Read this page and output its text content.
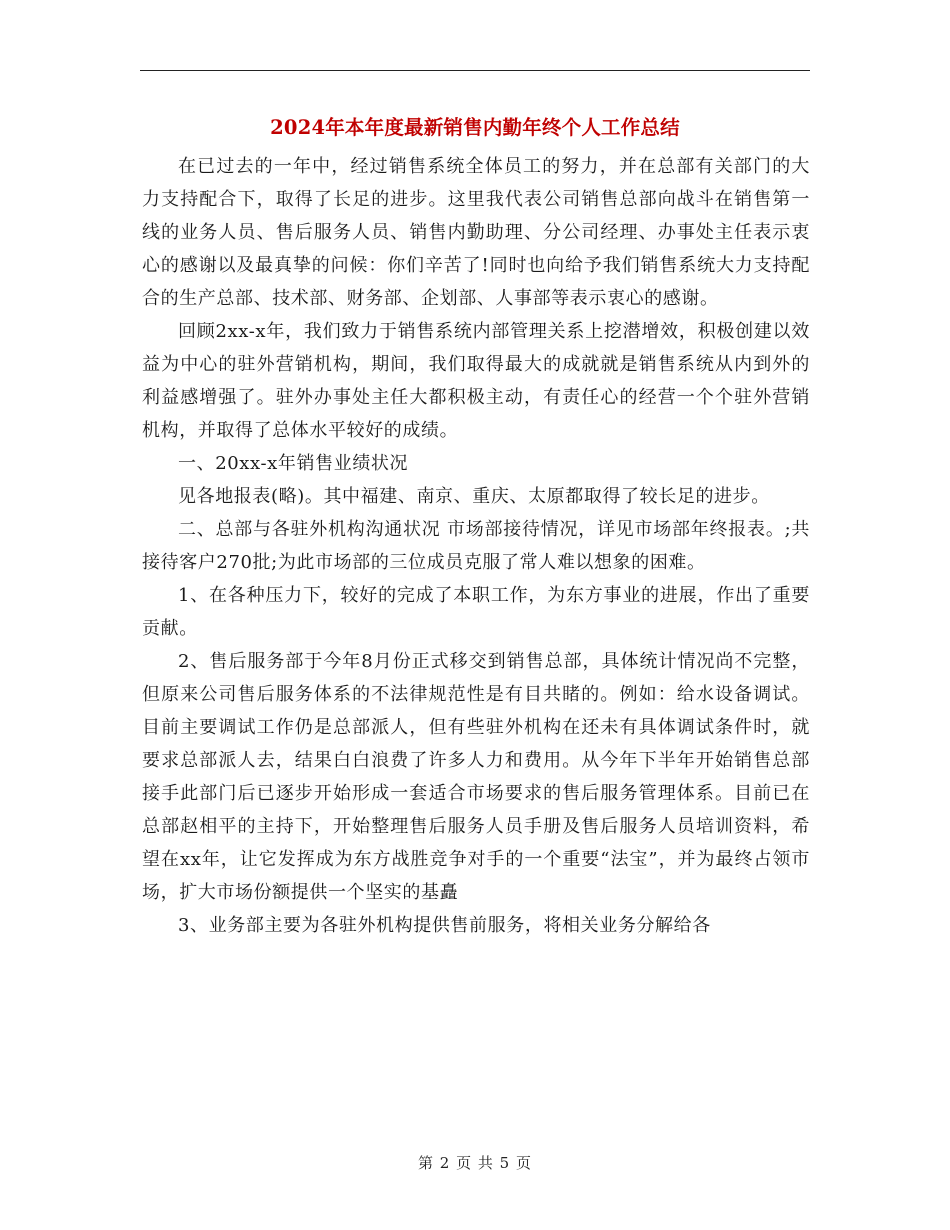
2024年本年度最新销售内勤年终个人工作总结

在已过去的一年中，经过销售系统全体员工的努力，并在总部有关部门的大力支持配合下，取得了长足的进步。这里我代表公司销售总部向战斗在销售第一线的业务人员、售后服务人员、销售内勤助理、分公司经理、办事处主任表示衷心的感谢以及最真挚的问候：你们辛苦了!同时也向给予我们销售系统大力支持配合的生产总部、技术部、财务部、企划部、人事部等表示衷心的感谢。

回顾2xx-x年，我们致力于销售系统内部管理关系上挖潜增效，积极创建以效益为中心的驻外营销机构，期间，我们取得最大的成就就是销售系统从内到外的利益感增强了。驻外办事处主任大都积极主动，有责任心的经营一个个驻外营销机构，并取得了总体水平较好的成绩。

一、20xx-x年销售业绩状况

见各地报表(略)。其中福建、南京、重庆、太原都取得了较长足的进步。

二、总部与各驻外机构沟通状况 市场部接待情况，详见市场部年终报表。;共接待客户270批;为此市场部的三位成员克服了常人难以想象的困难。

1、在各种压力下，较好的完成了本职工作，为东方事业的进展，作出了重要贡献。

2、售后服务部于今年8月份正式移交到销售总部，具体统计情况尚不完整，但原来公司售后服务体系的不法律规范性是有目共睹的。例如：给水设备调试。目前主要调试工作仍是总部派人，但有些驻外机构在还未有具体调试条件时，就要求总部派人去，结果白白浪费了许多人力和费用。从今年下半年开始销售总部接手此部门后已逐步开始形成一套适合市场要求的售后服务管理体系。目前已在总部赵相平的主持下，开始整理售后服务人员手册及售后服务人员培训资料，希望在xx年，让它发挥成为东方战胜竞争对手的一个重要“法宝”，并为最终占领市场，扩大市场份额提供一个坚实的基矗

3、业务部主要为各驻外机构提供售前服务，将相关业务分解给各

第 2 页 共 5 页
